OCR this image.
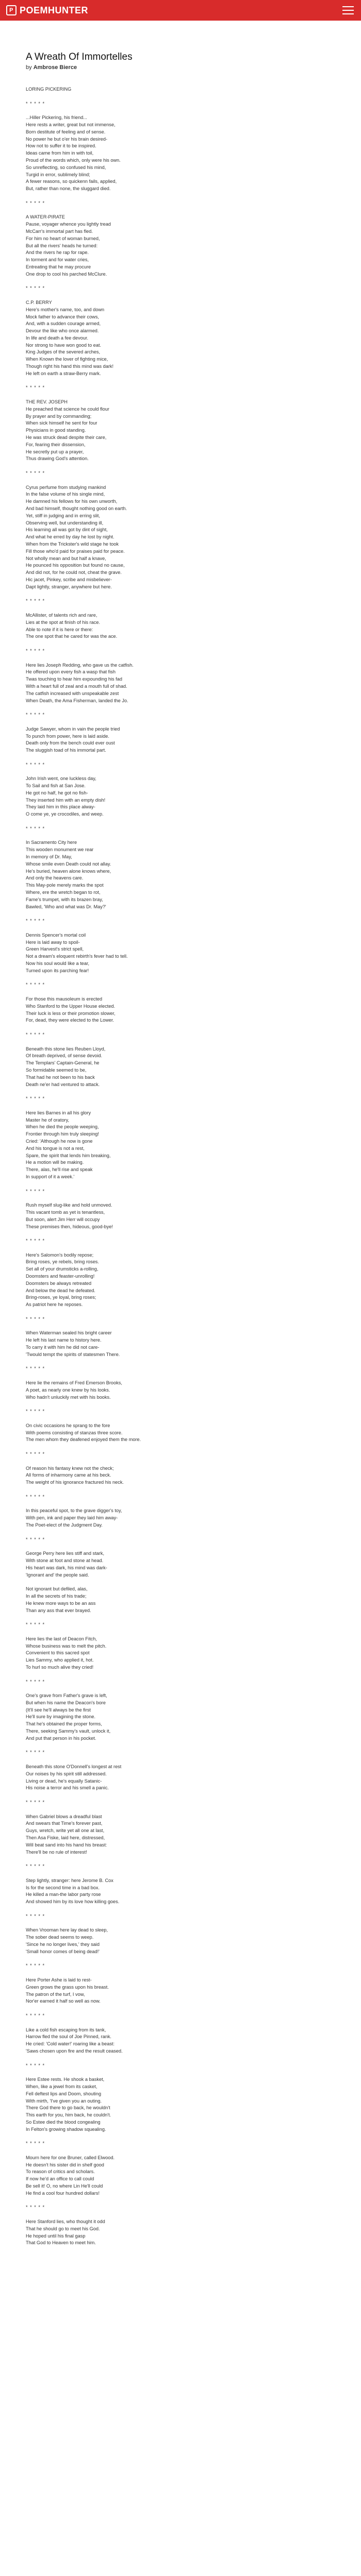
P POEMHUNTER
A Wreath Of Immortelles

by Ambrose Bierce

LORING PICKERING
* * * * *
...Hiller Pickering, his friend...
Here rests a writer, great but not immense,
Born destitute of feeling and of sense.
No power he but o'er his brain desired-
How not to suffer it to be inspired.
Ideas came from him in with toil,
Proud of the words which, only were his own.
So unreflecting, so confused his mind,
Turgid in error, sublimely blind;
A fewer reasons, so quickenn fails, applied,
But, rather than none, the sluggard died.
* * * * *
A WATER-PIRATE
Pause, voyager whence you lightly tread
McCarr's immortal part has fled.
For him no heart of woman burned,
But all the rivers' heads he turned:
And the rivers he rap for rape.
In torment and for water cries,
Entreating that he may procure
One drop to cool his parched McClure.
* * * * *
C.P. BERRY
Here's mother's name, too, and down
Mock father to advance their cows,
And, with a sudden courage armed,
Devour the like who once alarmed.
In life and death a fee devour.
Nor strong to have won good to eat.
King Judges of the severed arches,
When Known the lover of fighting mice,
Though right his hand this mind was dark!
He left on earth a straw-Berry mark.
* * * * *
THE REV. JOSEPH
He preached that science he could flour
By prayer and by commanding;
When sick himself he sent for four
Physicians in good standing.
He was struck dead despite their care,
For, fearing their dissension,
He secretly put up a prayer,
Thus drawing God's attention.
* * * * *
Cyrus perfume from studying mankind
In the false volume of his single mind,
He damned his fellows for his own unworth,
And bad himself, thought nothing good on earth.
Yet, stiff in judging and in erring slit,
Observing well, but understanding ill,
His learning all was got by dint of sight,
And what he erred by day he lost by night.
When from the Trickster's wild stage he took
Fill those who'd paid for praises paid for peace.
Not wholly mean and but half a knave,
He pounced his opposition but found no cause,
And did not, for he could not, cheat the grave.
Hic jacet, Pinkey, scribe and misbeliever-
Dapt lightly, stranger, anywhere but here.
* * * * *
McAllister, of talents rich and rare,
Lies at the spot at finish of his race.
Able to note if it is here or there:
The one spot that he cared for was the ace.
* * * * *
Here lies Joseph Redding, who gave us the catfish.
He offered upon every fish a wasp that fish
Twas touching to hear him expounding his fad
With a heart full of zeal and a mouth full of shad.
The catfish increased with unspeakable zest
When Death, the Ama Fisherman, landed the Jo.
* * * * *
Judge Sawyer, whom in vain the people tried
To punch from power, here is laid aside.
Death only from the bench could ever oust
The sluggish toad of his immortal part.
* * * * *
John Irish went, one luckless day,
To Sail and fish at San Jose.
He got no half, he got no fish-
They inserted him with an empty dish!
They laid him in this place alway-
O come ye, ye crocodiles, and weep.
* * * * *
In Sacramento City here
This wooden monument we rear
In memory of Dr. May,
Whose smile even Death could not allay.
He's buried, heaven alone knows where,
And only the heavens care.
This May-pole merely marks the spot
Where, ere the wretch began to rot,
Fame's trumpet, with its brazen bray,
Bawled, 'Who and what was Dr. May?'
* * * * *
Dennis Spencer's mortal coil
Here is laid away to spoil-
Green Harvest's strict spell,
Not a dream's eloquent rebirth's fever had to tell.
Now his soul would like a tear,
Turned upon its parching fear!
* * * * *
For those this mausoleum is erected
Who Stanford to the Upper House elected.
Their luck is less or their promotion slower,
For, dead, they were elected to the Lower.
* * * * *
Beneath this stone lies Reuben Lloyd,
Of breath deprived, of sense devoid.
The Templars' Captain-General, he
So formidable seemed to be,
That had he not been to his back
Death ne'er had ventured to attack.
* * * * *
Here lies Barnes in all his glory
Master he of oratory,
When he died the people weeping,
Frontier through him truly sleeping!
Cried: 'Although he now is gone
And his tongue is not a rest,
Spare, the spirit that lends him breaking,
He a motion will be making.
There, alas, he'll rise and speak
In support of it a week.'
* * * * *
Rush myself slug-like and hold unmoved.
This vacant tomb as yet is tenantless,
But soon, alert Jim Herr will occupy
These premises then, hideous, good-bye!
* * * * *
Here's Salomon's bodily repose;
Bring roses, ye rebels, bring roses.
Set all of your drumsticks a-rolling,
Doomsters and feaster-unrolling!
Doomsters be always retreated
And below the dead he defeated.
Bring-roses, ye loyal, bring roses;
As patriot here he reposes.
* * * * *
When Waterman sealed his bright career
He left his last name to history here.
To carry it with him he did not care-
'Twould tempt the spirits of statesmen There.
* * * * *
Here lie the remains of Fred Emerson Brooks,
A poet, as nearly one knew by his looks.
Who hadn't unluckily met with his books.
* * * * *
On civic occasions he sprang to the fore
With poems consisting of stanzas three score.
The men whom they deafened enjoyed them the more.
* * * * *
Of reason his fantasy knew not the check;
All forms of inharmony came at his beck.
The weight of his ignorance fractured his neck.
* * * * *
In this peaceful spot, to the grave digger's toy,
With pen, ink and paper they laid him away-
The Poet-elect of the Judgment Day.
* * * * *
George Perry here lies stiff and stark,
With stone at foot and stone at head.
His heart was dark, his mind was dark-
'Ignorant and' the people said.

Not ignorant but defiled, alas,
In all the secrets of his trade;
He knew more ways to be an ass
Than any ass that ever brayed.
* * * * *
Here lies the last of Deacon Fitch,
Whose business was to melt the pitch.
Convenient to this sacred spot
Lies Sammy, who applied it, hot.
To hurl so much alive they cried!
* * * * *
One's grave from Father's grave is left,
But when his name the Deacon's bore
(It'll see he'll always be the first
He'll sure by imagining the stone.
That he's obtained the proper forms,
There, seeking Sammy's vault, unlock it,
And put that person in his pocket.
* * * * *
Beneath this stone O'Donnell's longest at rest
Our noises by his spirit still addressed.
Living or dead, he's equally Satanic-
His noise a terror and his smell a panic.
* * * * *
When Gabriel blows a dreadful blast
And swears that Time's forever past,
Guys, wretch, write yet all one at last,
Then Asa Fiske, laid here, distressed,
Will beat sand into his hand his breast:
There'll be no rule of interest!
* * * * *
Step lightly, stranger: here Jerome B. Cox
Is for the second time in a bad box.
He killed a man-the labor party rose
And showed him by its love how killing goes.
* * * * *
When Vrooman here lay dead to sleep,
The sober dead seems to weep.
'Since he no longer lives,' they said
'Small honor comes of being dead!'
* * * * *
Here Porter Ashe is laid to rest-
Green grows the grass upon his breast.
The patron of the turf, I vow,
Nor'er earned it half so well as now.
* * * * *
Like a cold fish escaping from its tank,
Harrow fled the soul of Joe Pinned, rank.
He cried: 'Cold water!' roaring like a beast:
'Saws chosen upon fire and the result ceased.
* * * * *
Here Estee rests. He shook a basket,
When, like a jewel from its casket,
Fell deftest lips and Doom, shouting
With mirth, 'I've given you an outing.
There God there to go back, he wouldn't
This earth for you, him back, he couldn't.
So Estee died the blood congealing
In Felton's growing shadow squealing.
* * * * *
Mourn here for one Bruner, called Elwood.
He doesn't his sister did in shelf good
To reason of critics and scholars.
If now he'd an office to call could
Be sell it! O, no where Lin He'll could
He find a cool four hundred dollars!
* * * * *
Here Stanford lies, who thought it odd
That he should go to meet his God.
He hoped until his final gasp
That God to Heaven to meet him.
